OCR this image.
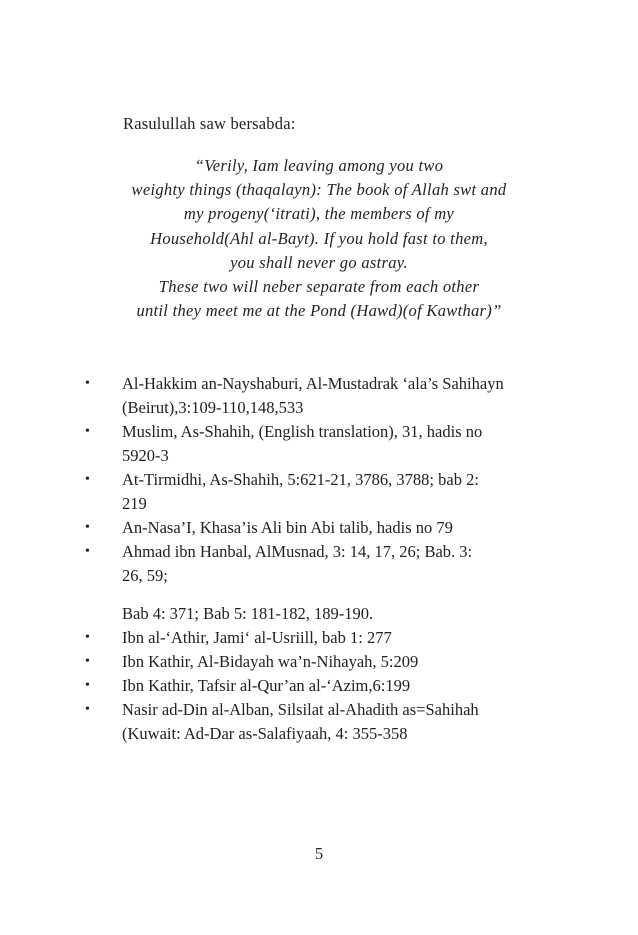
Rasulullah saw bersabda:
“Verily, Iam leaving among you two
weighty things (thaqalayn): The book of Allah swt and
my progeny(‘itrati), the members of my
Household(Ahl al-Bayt). If you hold fast to them,
you shall never go astray.
These two will neber separate from each other
until they meet me at the Pond (Hawd)(of Kawthar)”
• Al-Hakkim an-Nayshaburi, Al-Mustadrak ‘ala’s Sahihayn
(Beirut),3:109-110,148,533
• Muslim, As-Shahih, (English translation), 31, hadis no
5920-3
• At-Tirmidhi, As-Shahih, 5:621-21, 3786, 3788; bab 2:
219
• An-Nasa’I, Khasa’is Ali bin Abi talib, hadis no 79
• Ahmad ibn Hanbal, AlMusnad, 3: 14, 17, 26; Bab. 3:
26, 59;
Bab 4: 371; Bab 5: 181-182, 189-190.
• Ibn al-‘Athir, Jami‘ al-Usriill, bab 1: 277
• Ibn Kathir, Al-Bidayah wa’n-Nihayah, 5:209
• Ibn Kathir, Tafsir al-Qur’an al-‘Azim,6:199
• Nasir ad-Din al-Alban, Silsilat al-Ahadith as=Sahihah
(Kuwait: Ad-Dar as-Salafiyaah, 4: 355-358
5
